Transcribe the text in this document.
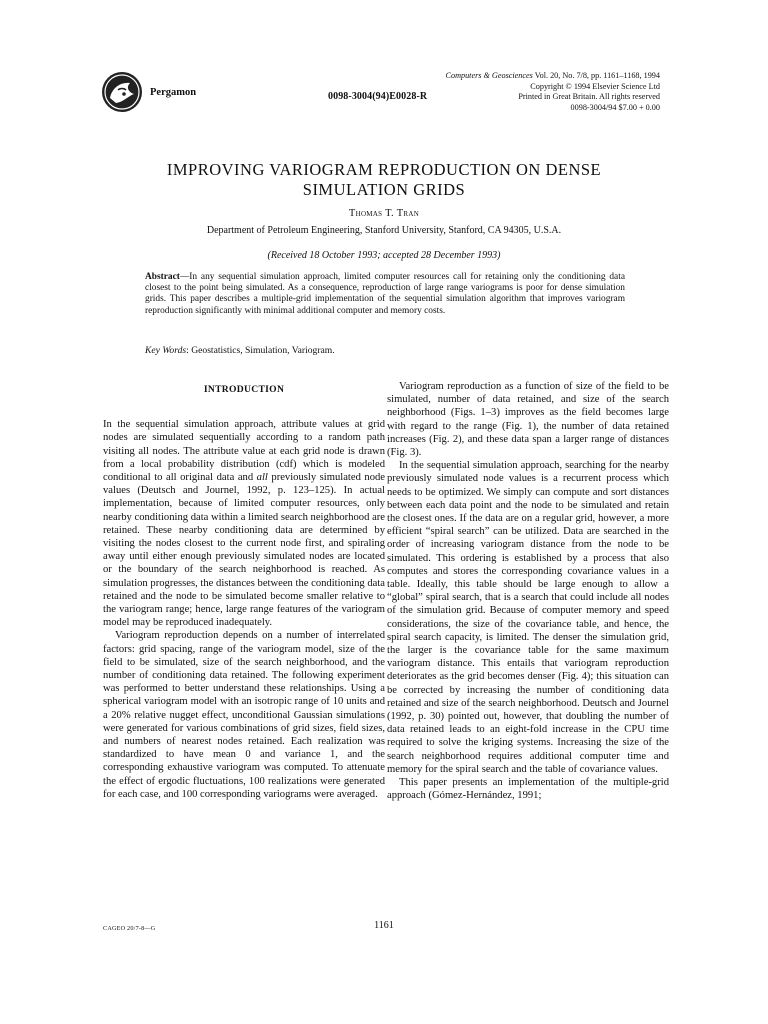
Pergamon	0098-3004(94)E0028-R
Computers & Geosciences Vol. 20, No. 7/8, pp. 1161–1168, 1994
Copyright © 1994 Elsevier Science Ltd
Printed in Great Britain. All rights reserved
0098-3004/94 $7.00 + 0.00
IMPROVING VARIOGRAM REPRODUCTION ON DENSE
SIMULATION GRIDS
Thomas T. Tran
Department of Petroleum Engineering, Stanford University, Stanford, CA 94305, U.S.A.
(Received 18 October 1993; accepted 28 December 1993)

Abstract—In any sequential simulation approach, limited computer resources call for retaining only the conditioning data closest to the point being simulated. As a consequence, reproduction of large range variograms is poor for dense simulation grids. This paper describes a multiple-grid implementation of the sequential simulation algorithm that improves variogram reproduction significantly with minimal additional computer and memory costs.

Key Words: Geostatistics, Simulation, Variogram.
INTRODUCTION

In the sequential simulation approach, attribute values at grid nodes are simulated sequentially according to a random path visiting all nodes. The attribute value at each grid node is drawn from a local probability distribution (cdf) which is modeled conditional to all original data and all previously simulated node values (Deutsch and Journel, 1992, p. 123–125). In actual implementation, because of limited computer resources, only nearby conditioning data within a limited search neighborhood are retained. These nearby conditioning data are determined by visiting the nodes closest to the current node first, and spiraling away until either enough previously simulated nodes are located or the boundary of the search neighborhood is reached. As simulation progresses, the distances between the conditioning data retained and the node to be simulated become smaller relative to the variogram range; hence, large range features of the variogram model may be reproduced inadequately.

Variogram reproduction depends on a number of interrelated factors: grid spacing, range of the variogram model, size of the field to be simulated, size of the search neighborhood, and the number of conditioning data retained. The following experiment was performed to better understand these relationships. Using a spherical variogram model with an isotropic range of 10 units and a 20% relative nugget effect, unconditional Gaussian simulations were generated for various combinations of grid sizes, field sizes, and numbers of nearest nodes retained. Each realization was standardized to have mean 0 and variance 1, and the corresponding exhaustive variogram was computed. To attenuate the effect of ergodic fluctuations, 100 realizations were generated for each case, and 100 corresponding variograms were averaged.

Variogram reproduction as a function of size of the field to be simulated, number of data retained, and size of the search neighborhood (Figs. 1–3) improves as the field becomes large with regard to the range (Fig. 1), the number of data retained increases (Fig. 2), and these data span a larger range of distances (Fig. 3).

In the sequential simulation approach, searching for the nearby previously simulated node values is a recurrent process which needs to be optimized. We simply can compute and sort distances between each data point and the node to be simulated and retain the closest ones. If the data are on a regular grid, however, a more efficient “spiral search” can be utilized. Data are searched in the order of increasing variogram distance from the node to be simulated. This ordering is established by a process that also computes and stores the corresponding covariance values in a table. Ideally, this table should be large enough to allow a “global” spiral search, that is a search that could include all nodes of the simulation grid. Because of computer memory and speed considerations, the size of the covariance table, and hence, the spiral search capacity, is limited. The denser the simulation grid, the larger is the covariance table for the same maximum variogram distance. This entails that variogram reproduction deteriorates as the grid becomes denser (Fig. 4); this situation can be corrected by increasing the number of conditioning data retained and size of the search neighborhood. Deutsch and Journel (1992, p. 30) pointed out, however, that doubling the number of data retained leads to an eight-fold increase in the CPU time required to solve the kriging systems. Increasing the size of the search neighborhood requires additional computer time and memory for the spiral search and the table of covariance values.

This paper presents an implementation of the multiple-grid approach (Gómez-Hernández, 1991;

CAGEO 20/7-8—G	1161
